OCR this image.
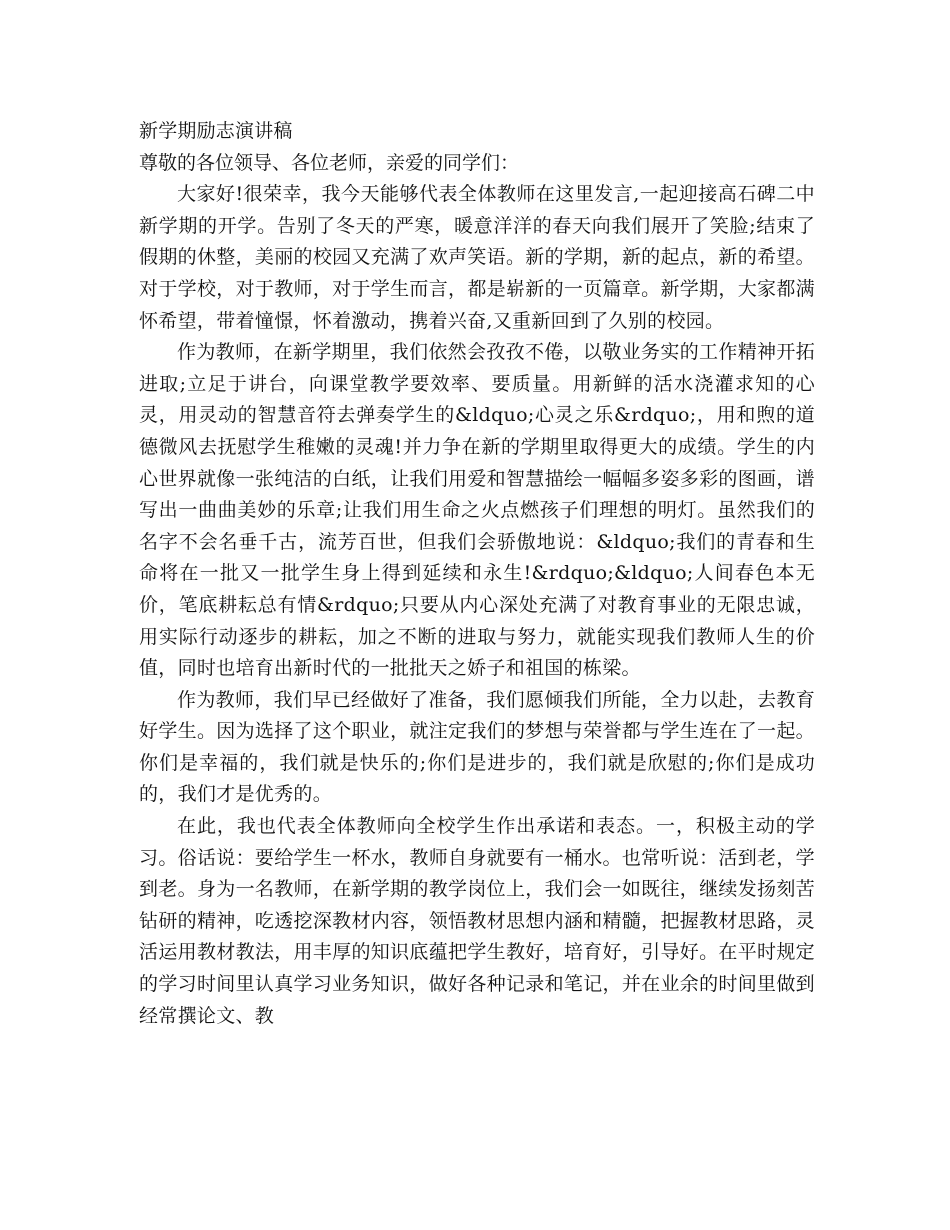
新学期励志演讲稿

尊敬的各位领导、各位老师，亲爱的同学们：

大家好!很荣幸，我今天能够代表全体教师在这里发言,一起迎接高石碑二中新学期的开学。告别了冬天的严寒，暖意洋洋的春天向我们展开了笑脸;结束了假期的休整，美丽的校园又充满了欢声笑语。新的学期，新的起点，新的希望。对于学校，对于教师，对于学生而言，都是崭新的一页篇章。新学期，大家都满怀希望，带着憧憬，怀着激动，携着兴奋,又重新回到了久别的校园。

作为教师，在新学期里，我们依然会孜孜不倦，以敬业务实的工作精神开拓进取;立足于讲台，向课堂教学要效率、要质量。用新鲜的活水浇灌求知的心灵，用灵动的智慧音符去弹奏学生的&ldquo;心灵之乐&rdquo;，用和煦的道德微风去抚慰学生稚嫩的灵魂!并力争在新的学期里取得更大的成绩。学生的内心世界就像一张纯洁的白纸，让我们用爱和智慧描绘一幅幅多姿多彩的图画，谱写出一曲曲美妙的乐章;让我们用生命之火点燃孩子们理想的明灯。虽然我们的名字不会名垂千古，流芳百世，但我们会骄傲地说：&ldquo;我们的青春和生命将在一批又一批学生身上得到延续和永生!&rdquo;&ldquo;人间春色本无价，笔底耕耘总有情&rdquo;只要从内心深处充满了对教育事业的无限忠诚，用实际行动逐步的耕耘，加之不断的进取与努力，就能实现我们教师人生的价值，同时也培育出新时代的一批批天之娇子和祖国的栋梁。

作为教师，我们早已经做好了准备，我们愿倾我们所能，全力以赴，去教育好学生。因为选择了这个职业，就注定我们的梦想与荣誉都与学生连在了一起。你们是幸福的，我们就是快乐的;你们是进步的，我们就是欣慰的;你们是成功的，我们才是优秀的。

在此，我也代表全体教师向全校学生作出承诺和表态。一，积极主动的学习。俗话说：要给学生一杯水，教师自身就要有一桶水。也常听说：活到老，学到老。身为一名教师，在新学期的教学岗位上，我们会一如既往，继续发扬刻苦钻研的精神，吃透挖深教材内容，领悟教材思想内涵和精髓，把握教材思路，灵活运用教材教法，用丰厚的知识底蕴把学生教好，培育好，引导好。在平时规定的学习时间里认真学习业务知识，做好各种记录和笔记，并在业余的时间里做到经常撰论文、教
